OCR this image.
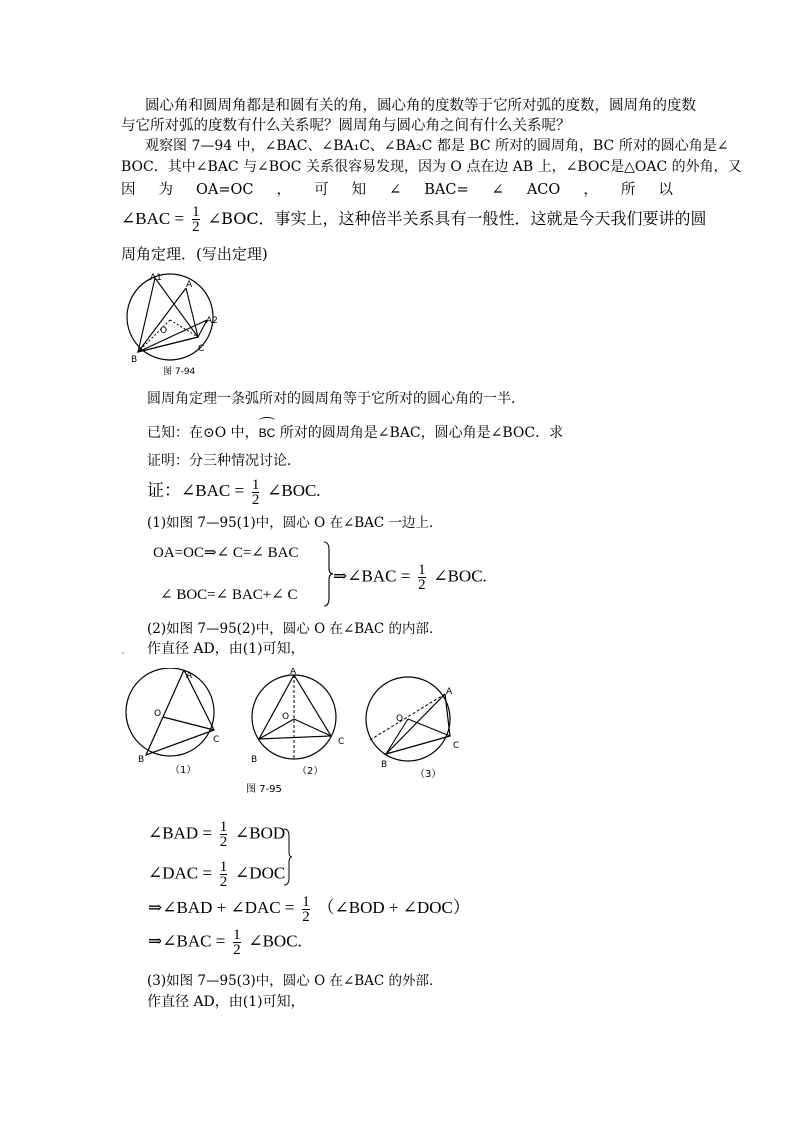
圆心角和圆周角都是和圆有关的角，圆心角的度数等于它所对弧的度数，圆周角的度数
与它所对弧的度数有什么关系呢？圆周角与圆心角之间有什么关系呢？
观察图 7—94 中，∠BAC、∠BA₁C、∠BA₂C 都是 BC 所对的圆周角，BC 所对的圆心角是∠
BOC．其中∠BAC 与∠BOC 关系很容易发现，因为 O 点在边 AB 上，∠BOC是△OAC 的外角，又
因 为 OA=OC ， 可 知 ∠ BAC= ∠ ACO ， 所 以
∠BAC = $\frac{1}{2}$ ∠BOC．事实上，这种倍半关系具有一般性．这就是今天我们要讲的圆
周角定理．(写出定理)
A1
A
A2
O
B
C
图 7-94
圆周角定理一条弧所对的圆周角等于它所对的圆心角的一半．
已知：在⊙O 中，
BC 所对的圆周角是∠BAC，圆心角是∠BOC．求
证明：分三种情况讨论．
证：∠BAC = $\frac{1}{2}$ ∠BOC.
(1)如图 7—95(1)中，圆心 O 在∠BAC 一边上．
OA=OC⇒∠ C=∠ BAC
∠ BOC=∠ BAC+∠ C
⇒∠BAC = $\frac{1}{2}$ ∠BOC.
(2)如图 7—95(2)中，圆心 O 在∠BAC 的内部．
. 作直径 AD，由(1)可知，
A
O
B
C
（1）
A
O
B
C
（2）
A
O
B
C
（3）
图 7-95
∠BAD = $\frac{1}{2}$ ∠BOD
∠DAC = $\frac{1}{2}$ ∠DOC
⇒∠BAD + ∠DAC = $\frac{1}{2}$ （∠BOD + ∠DOC）
⇒∠BAC = $\frac{1}{2}$ ∠BOC.
(3)如图 7—95(3)中，圆心 O 在∠BAC 的外部．
作直径 AD，由(1)可知，
